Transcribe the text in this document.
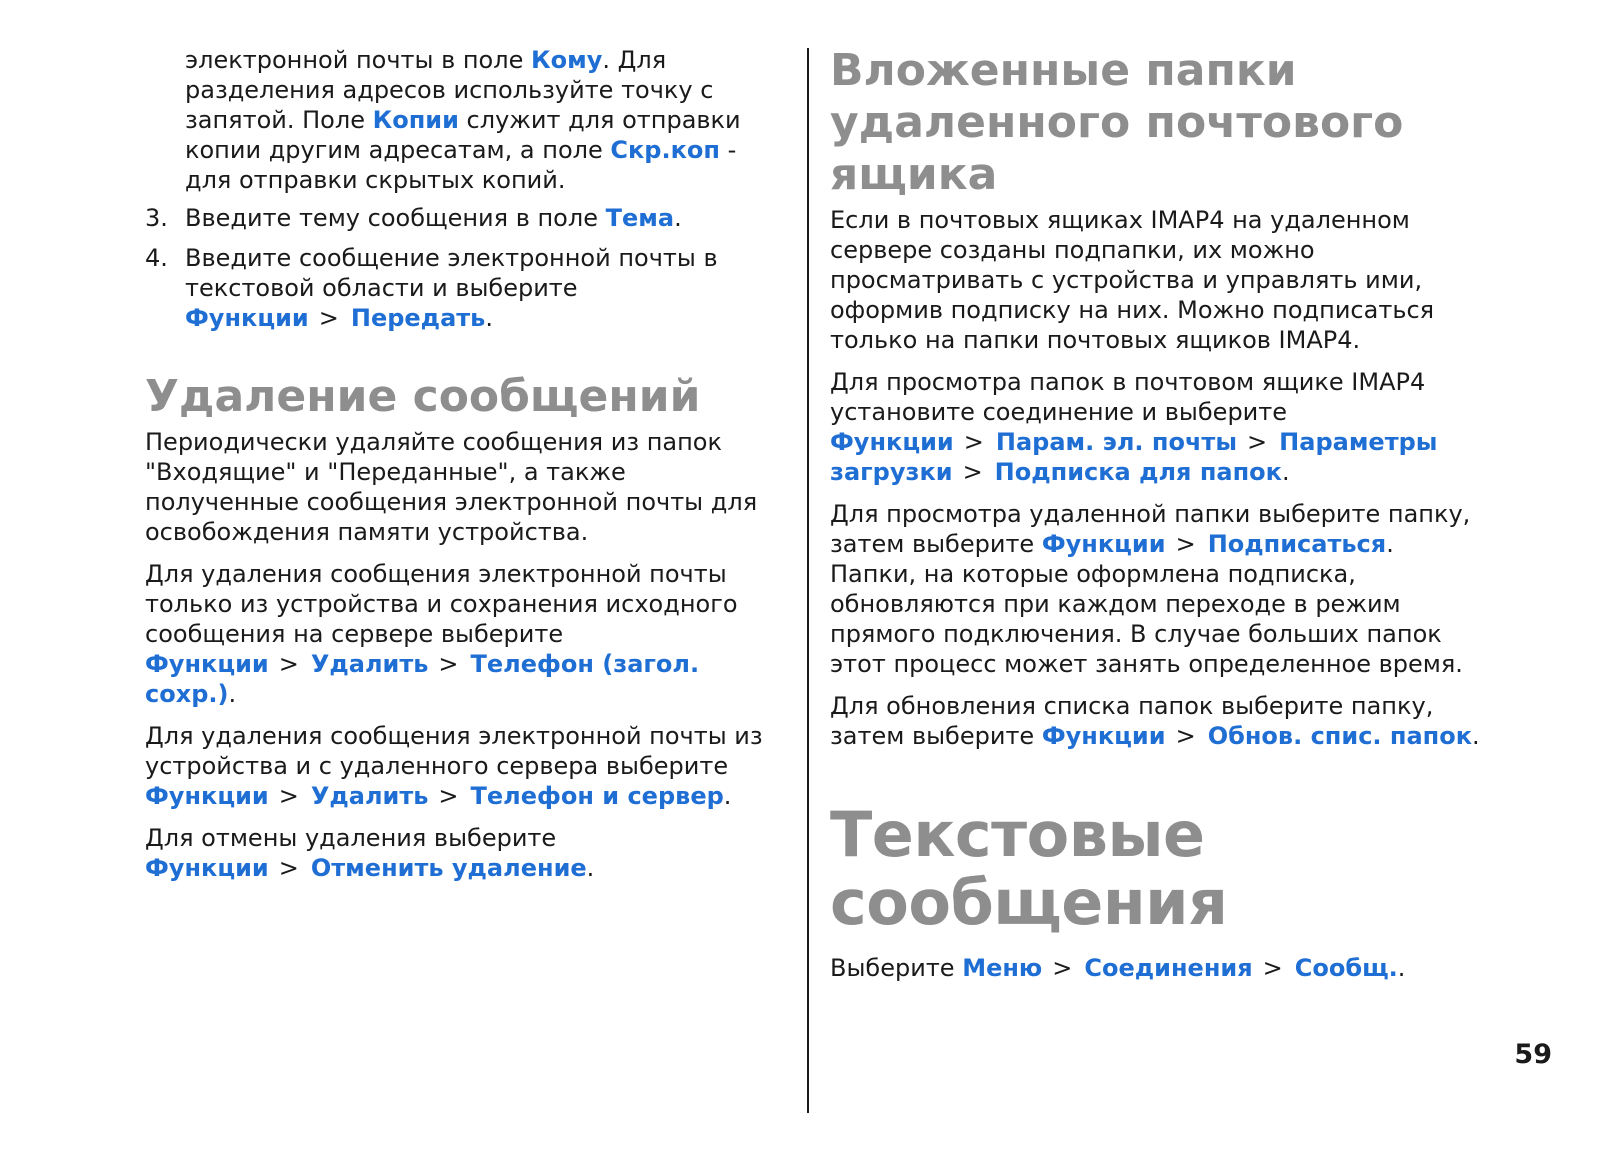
электронной почты в поле Кому. Для разделения адресов используйте точку с запятой. Поле Копии служит для отправки копии другим адресатам, а поле Скр.коп - для отправки скрытых копий.

3. Введите тему сообщения в поле Тема.
4. Введите сообщение электронной почты в текстовой области и выберите Функции > Передать.
Удаление сообщений

Периодически удаляйте сообщения из папок "Входящие" и "Переданные", а также полученные сообщения электронной почты для освобождения памяти устройства.

Для удаления сообщения электронной почты только из устройства и сохранения исходного сообщения на сервере выберите Функции > Удалить > Телефон (загол. сохр.).

Для удаления сообщения электронной почты из устройства и с удаленного сервера выберите Функции > Удалить > Телефон и сервер.

Для отмены удаления выберите Функции > Отменить удаление.

Вложенные папки удаленного почтового ящика

Если в почтовых ящиках IMAP4 на удаленном сервере созданы подпапки, их можно просматривать с устройства и управлять ими, оформив подписку на них. Можно подписаться только на папки почтовых ящиков IMAP4.

Для просмотра папок в почтовом ящике IMAP4 установите соединение и выберите Функции > Парам. эл. почты > Параметры загрузки > Подписка для папок.

Для просмотра удаленной папки выберите папку, затем выберите Функции > Подписаться. Папки, на которые оформлена подписка, обновляются при каждом переходе в режим прямого подключения. В случае больших папок этот процесс может занять определенное время.

Для обновления списка папок выберите папку, затем выберите Функции > Обнов. спис. папок.

Текстовые сообщения

Выберите Меню > Соединения > Сообщ..

59
